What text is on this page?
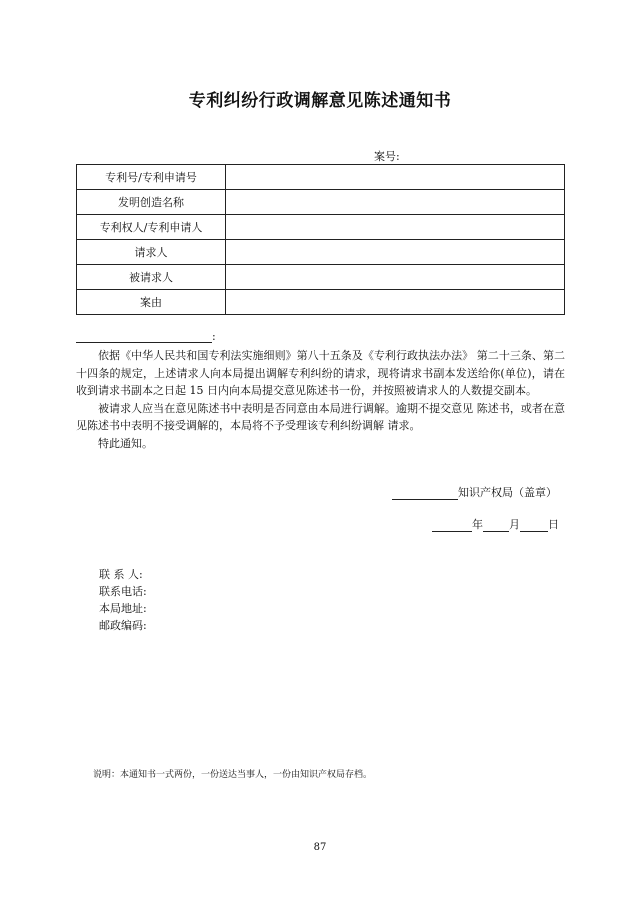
专利纠纷行政调解意见陈述通知书
案号:
专利号/专利申请号	
发明创造名称	
专利权人/专利申请人	
请求人	
被请求人	
案由	
:

依据《中华人民共和国专利法实施细则》第八十五条及《专利行政执法办法》 第二十三条、第二十四条的规定，上述请求人向本局提出调解专利纠纷的请求，现将请求书副本发送给你(单位)，请在收到请求书副本之日起 15 日内向本局提交意见陈述书一份，并按照被请求人的人数提交副本。

被请求人应当在意见陈述书中表明是否同意由本局进行调解。逾期不提交意见 陈述书，或者在意见陈述书中表明不接受调解的，本局将不予受理该专利纠纷调解 请求。

特此通知。

知识产权局（盖章）
年 月	日
联 系 人:
联系电话:
本局地址:
邮政编码:
说明：本通知书一式两份，一份送达当事人，一份由知识产权局存档。
87
